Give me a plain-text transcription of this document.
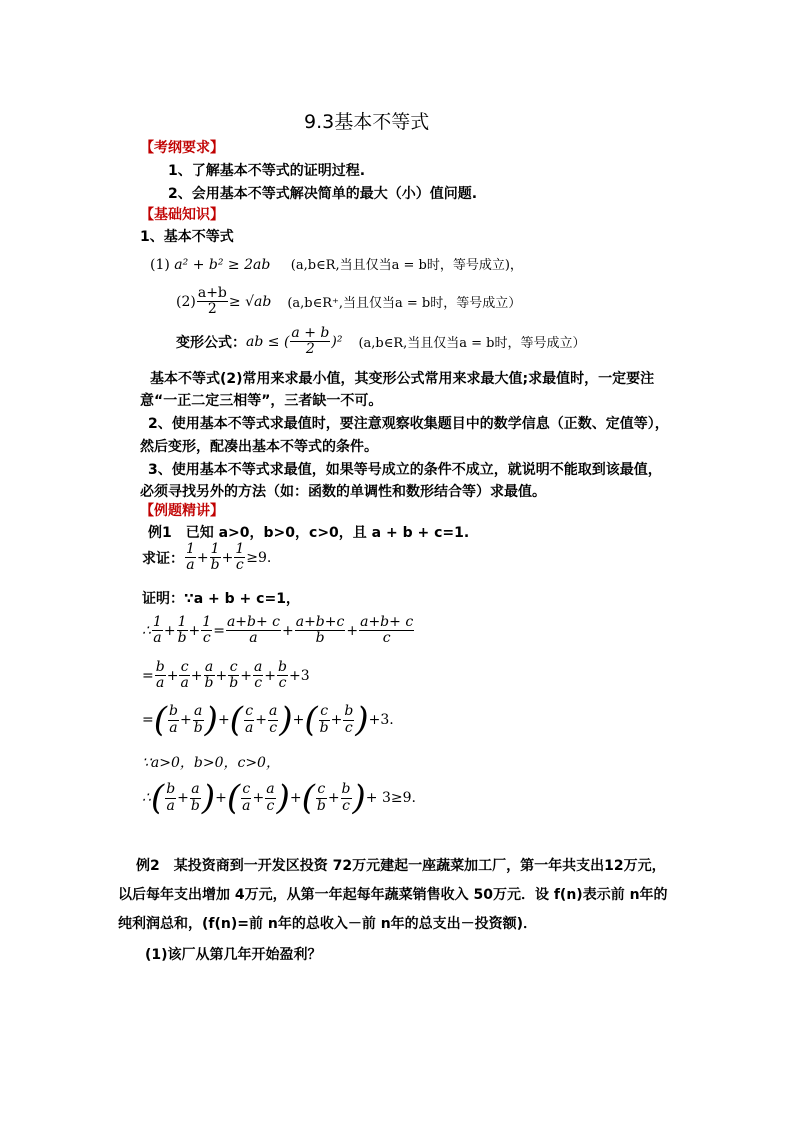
9.3基本不等式
【考纲要求】
1、了解基本不等式的证明过程.
2、会用基本不等式解决简单的最大（小）值问题.
【基础知识】
1、基本不等式
(1) a² + b² ≥ 2ab (a,b∈R,当且仅当a = b时，等号成立)，
$(2) \frac{a+b}{2} \ge √ab$ (a,b∈R⁺,当且仅当a = b时，等号成立）
变形公式： ab ≤ ( $\frac{a + b}{2} )^2$ (a,b∈R,当且仅当a = b时，等号成立）
基本不等式(2)常用来求最小值，其变形公式常用来求最大值;求最值时，一定要注
意“一正二定三相等”，三者缺一不可。
2、使用基本不等式求最值时，要注意观察收集题目中的数学信息（正数、定值等），
然后变形，配凑出基本不等式的条件。
3、使用基本不等式求最值，如果等号成立的条件不成立，就说明不能取到该最值，
必须寻找另外的方法（如：函数的单调性和数形结合等）求最值。
【例题精讲】
例1　已知 a>0，b>0，c>0，且 a + b + c=1.
求证： $\frac{1}{a} + \frac{1}{b} + \frac{1}{c} \ge 9$.
证明：∵a + b + c=1，
∴ $\frac{1}{a} + \frac{1}{b} + \frac{1}{c} = \frac{a+b+ c}{a} + \frac{a+b+c}{b} + \frac{a+b+ c}{c}$
= $\frac{b}{a} + \frac{c}{a} + \frac{a}{b} + \frac{c}{b} + \frac{a}{c} + \frac{b}{c} +3$
= ( $\frac{b}{a} + \frac{a}{b}$ ) + ( $\frac{c}{a} + \frac{a}{c}$ ) + ( $\frac{c}{b} + \frac{b}{c}$ ) +3.
∵a>0，b>0，c>0，
∴ ( $\frac{b}{a} + \frac{a}{b}$ ) + ( $\frac{c}{a} + \frac{a}{c}$ ) + ( $\frac{c}{b} + \frac{b}{c}$ ) + 3≥9.
例2　某投资商到一开发区投资 72万元建起一座蔬菜加工厂，第一年共支出12万元，
以后每年支出增加 4万元，从第一年起每年蔬菜销售收入 50万元．设 f(n)表示前 n年的
纯利润总和，(f(n)=前 n年的总收入－前 n年的总支出－投资额)．
(1)该厂从第几年开始盈利？
